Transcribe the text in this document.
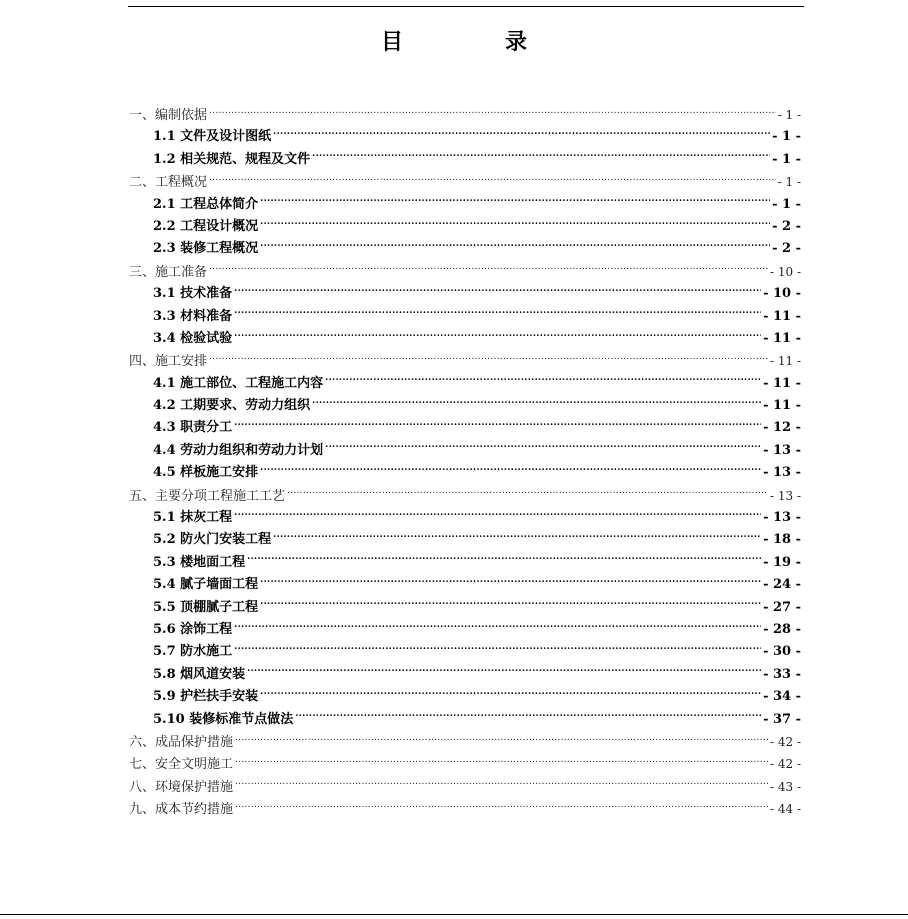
目　录
一、编制依据 .....	- 1 -
1.1 文件及设计图纸 .....	- 1 -
1.2 相关规范、规程及文件 .....	- 1 -
二、工程概况 .....	- 1 -
2.1 工程总体简介 .....	- 1 -
2.2 工程设计概况 .....	- 2 -
2.3 装修工程概况 .....	- 2 -
三、施工准备 .....	- 10 -
3.1 技术准备 .....	- 10 -
3.3 材料准备 .....	- 11 -
3.4 检验试验 .....	- 11 -
四、施工安排 .....	- 11 -
4.1 施工部位、工程施工内容 .....	- 11 -
4.2 工期要求、劳动力组织 .....	- 11 -
4.3 职责分工 .....	- 12 -
4.4 劳动力组织和劳动力计划 .....	- 13 -
4.5 样板施工安排 .....	- 13 -
五、主要分项工程施工工艺 .....	- 13 -
5.1 抹灰工程 .....	- 13 -
5.2 防火门安装工程 .....	- 18 -
5.3 楼地面工程 .....	- 19 -
5.4 腻子墙面工程 .....	- 24 -
5.5 顶棚腻子工程 .....	- 27 -
5.6 涂饰工程 .....	- 28 -
5.7 防水施工 .....	- 30 -
5.8 烟风道安装 .....	- 33 -
5.9 护栏扶手安装 .....	- 34 -
5.10 装修标准节点做法 .....	- 37 -
六、成品保护措施 .....	- 42 -
七、安全文明施工 .....	- 42 -
八、环境保护措施 .....	- 43 -
九、成本节约措施 .....	- 44 -
